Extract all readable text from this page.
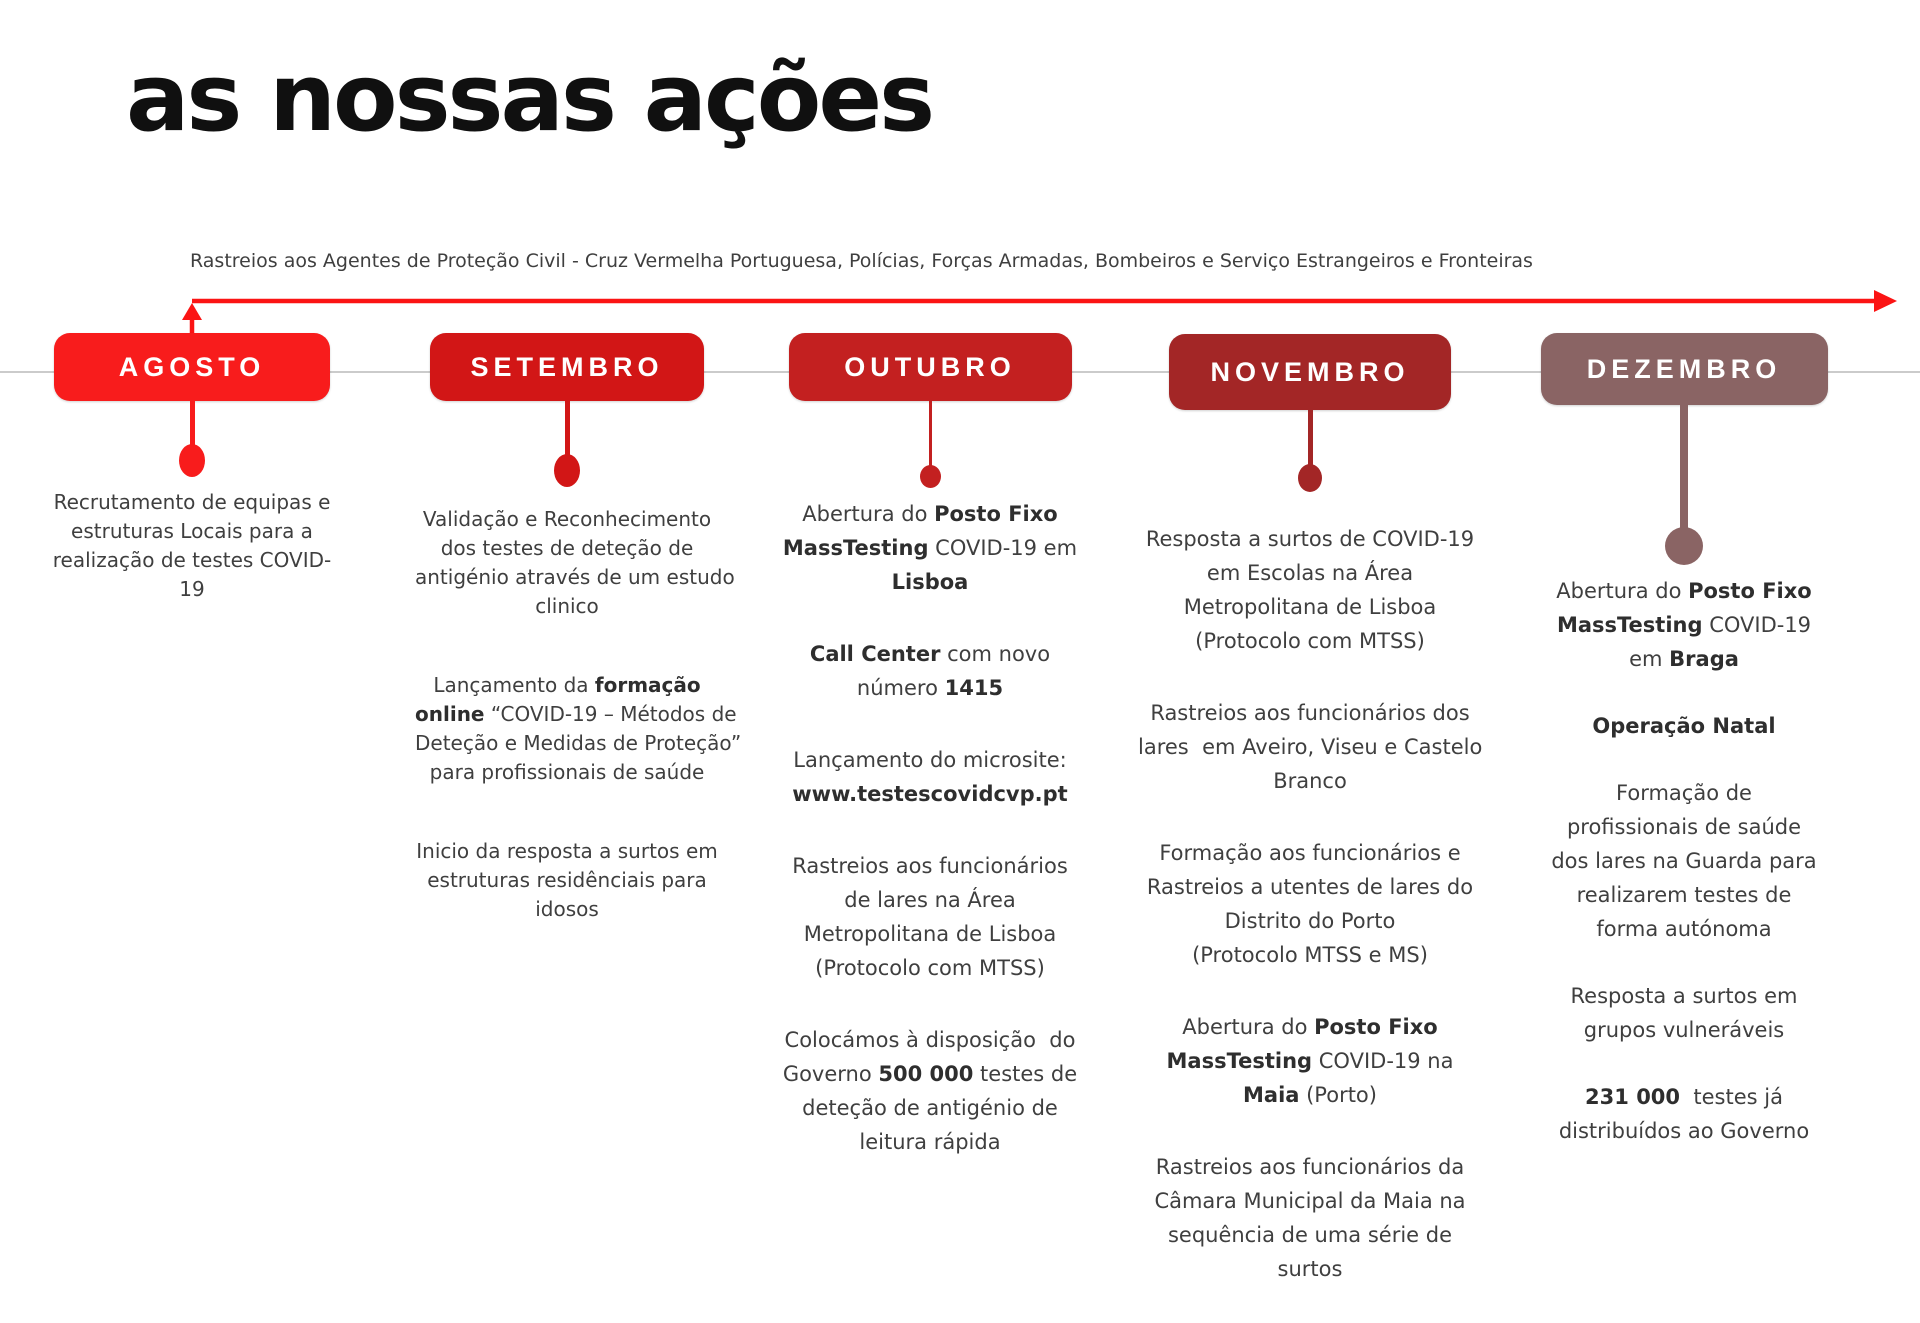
as nossas ações
Rastreios aos Agentes de Proteção Civil - Cruz Vermelha Portuguesa, Polícias, Forças Armadas, Bombeiros e Serviço Estrangeiros e Fronteiras
AGOSTO
Recrutamento de equipas e
estruturas Locais para a
realização de testes COVID-
19
SETEMBRO
Validação e Reconhecimento
dos testes de deteção de
antigénio através de um estudo
clinico
Lançamento da formação
online “COVID-19 – Métodos de
Deteção e Medidas de Proteção”
para profissionais de saúde
Inicio da resposta a surtos em
estruturas residênciais para
idosos
OUTUBRO
Abertura do Posto Fixo
MassTesting COVID-19 em
Lisboa
Call Center com novo
número 1415
Lançamento do microsite:
www.testescovidcvp.pt
Rastreios aos funcionários
de lares na Área
Metropolitana de Lisboa
(Protocolo com MTSS)
Colocámos à disposição  do
Governo 500 000 testes de
deteção de antigénio de
leitura rápida
NOVEMBRO
Resposta a surtos de COVID-19
em Escolas na Área
Metropolitana de Lisboa
(Protocolo com MTSS)
Rastreios aos funcionários dos
lares  em Aveiro, Viseu e Castelo
Branco
Formação aos funcionários e
Rastreios a utentes de lares do
Distrito do Porto
(Protocolo MTSS e MS)
Abertura do Posto Fixo
MassTesting COVID-19 na
Maia (Porto)
Rastreios aos funcionários da
Câmara Municipal da Maia na
sequência de uma série de
surtos
DEZEMBRO
Abertura do Posto Fixo
MassTesting COVID-19
em Braga
Operação Natal
Formação de
profissionais de saúde
dos lares na Guarda para
realizarem testes de
forma autónoma
Resposta a surtos em
grupos vulneráveis
231 000  testes já
distribuídos ao Governo
